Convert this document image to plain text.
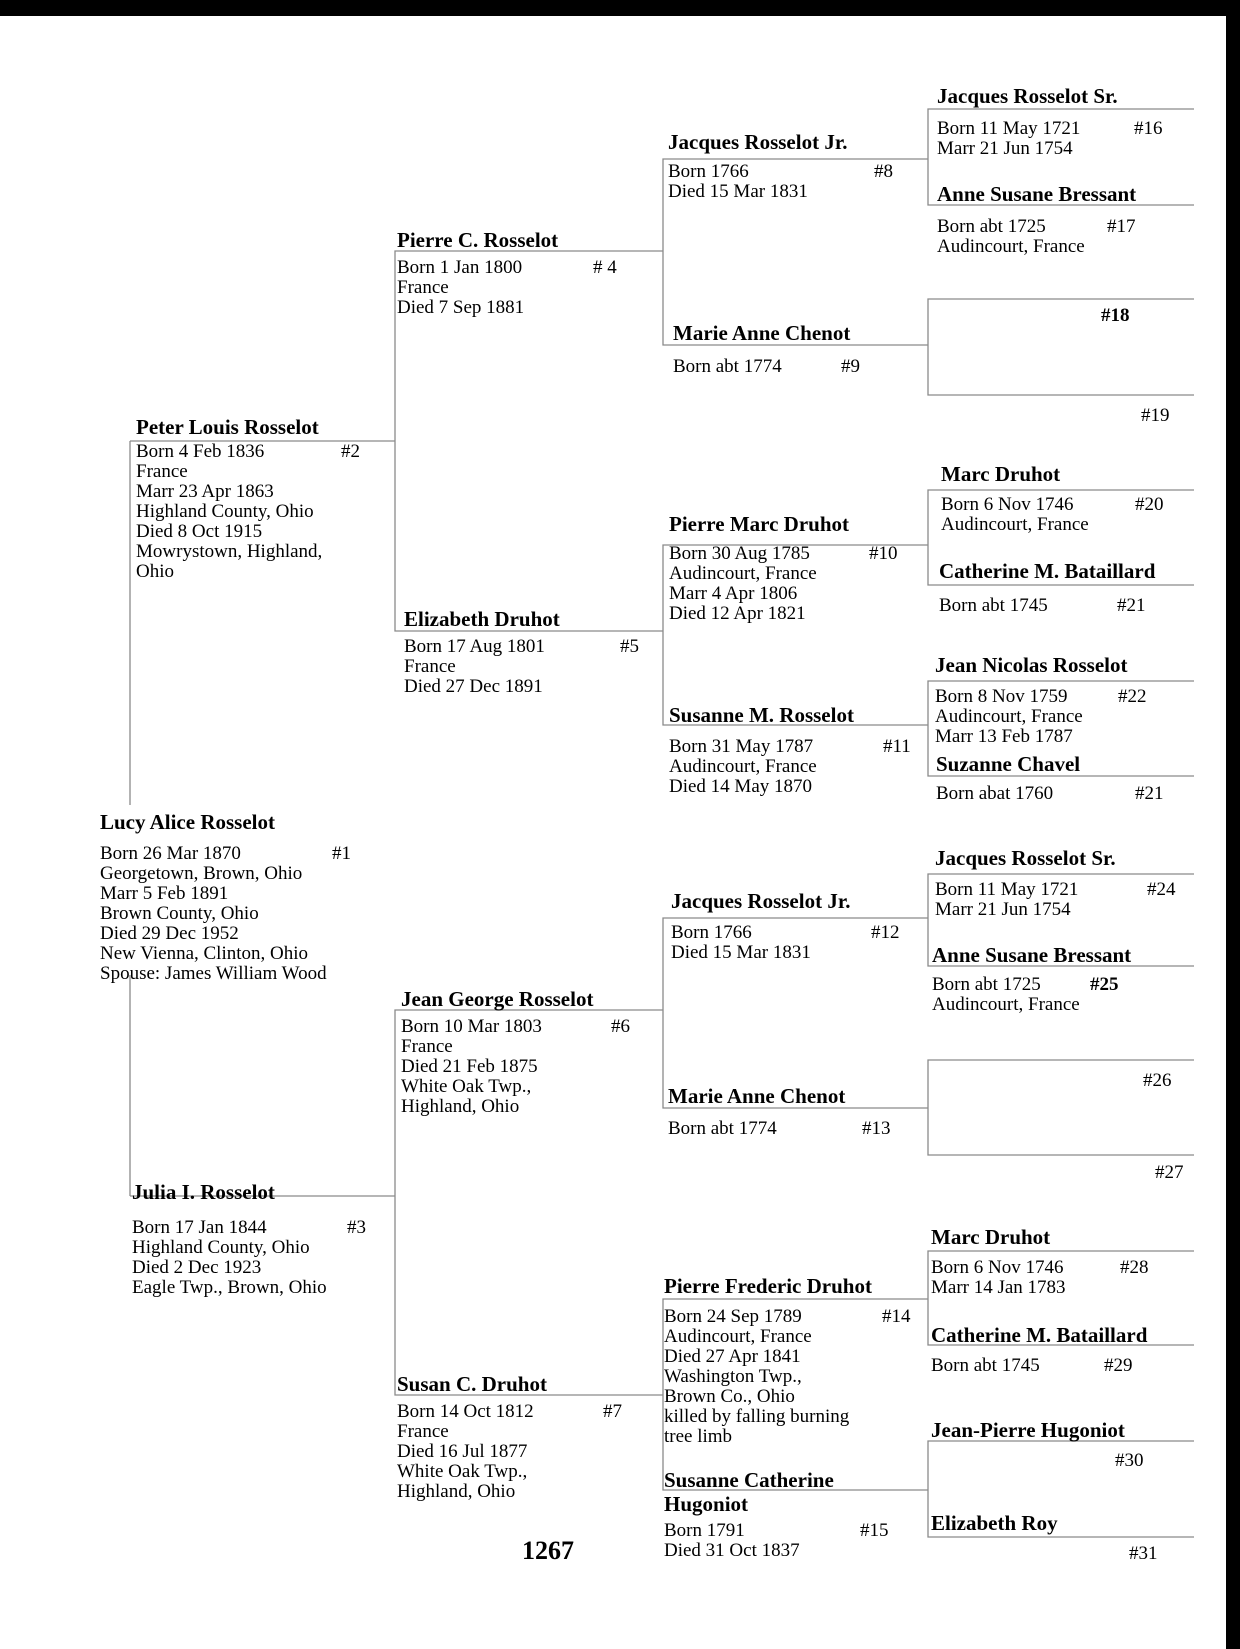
Lucy Alice Rosselot
Born 26 Mar 1870
Georgetown, Brown, Ohio
Marr 5 Feb 1891
Brown County, Ohio
Died 29 Dec 1952
New Vienna, Clinton, Ohio
Spouse: James William Wood
#1
Peter Louis Rosselot
Born 4 Feb 1836
France
Marr 23 Apr 1863
Highland County, Ohio
Died 8 Oct 1915
Mowrystown, Highland,
Ohio
#2
Julia I. Rosselot
Born 17 Jan 1844
Highland County, Ohio
Died 2 Dec 1923
Eagle Twp., Brown, Ohio
#3
Pierre C. Rosselot
Born 1 Jan 1800
France
Died 7 Sep 1881
# 4
Elizabeth Druhot
Born 17 Aug 1801
France
Died 27 Dec 1891
#5
Jean George Rosselot
Born 10 Mar 1803
France
Died 21 Feb 1875
White Oak Twp.,
Highland, Ohio
#6
Susan C. Druhot
Born 14 Oct 1812
France
Died 16 Jul 1877
White Oak Twp.,
Highland, Ohio
#7
Jacques Rosselot Jr.
Born 1766
Died 15 Mar 1831
#8
Marie Anne Chenot
Born abt 1774	#9
Pierre Marc Druhot
Born 30 Aug 1785
Audincourt, France
Marr 4 Apr 1806
Died 12 Apr 1821
#10
Susanne M. Rosselot
Born 31 May 1787
Audincourt, France
Died 14 May 1870
#11
Jacques Rosselot Jr.
Born 1766
Died 15 Mar 1831
#12
Marie Anne Chenot
Born abt 1774	#13
Pierre Frederic Druhot
Born 24 Sep 1789
Audincourt, France
Died 27 Apr 1841
Washington Twp.,
Brown Co., Ohio
killed by falling burning
tree limb
#14
Susanne Catherine
Hugoniot
Born 1791
Died 31 Oct 1837
#15
Jacques Rosselot Sr.
Born 11 May 1721
Marr 21 Jun 1754
#16
Anne Susane Bressant
Born abt 1725
Audincourt, France
#17
#18
#19
Marc Druhot
Born 6 Nov 1746
Audincourt, France
#20
Catherine M. Bataillard
Born abt 1745	#21
Jean Nicolas Rosselot
Born 8 Nov 1759
Audincourt, France
Marr 13 Feb 1787
#22
Suzanne Chavel
Born abat 1760	#21
Jacques Rosselot Sr.
Born 11 May 1721
Marr 21 Jun 1754
#24
Anne Susane Bressant
Born abt 1725
Audincourt, France
#25
#26
#27
Marc Druhot
Born 6 Nov 1746
Marr 14 Jan 1783
#28
Catherine M. Bataillard
Born abt 1745	#29
Jean-Pierre Hugoniot
#30
Elizabeth Roy
#31
1267
